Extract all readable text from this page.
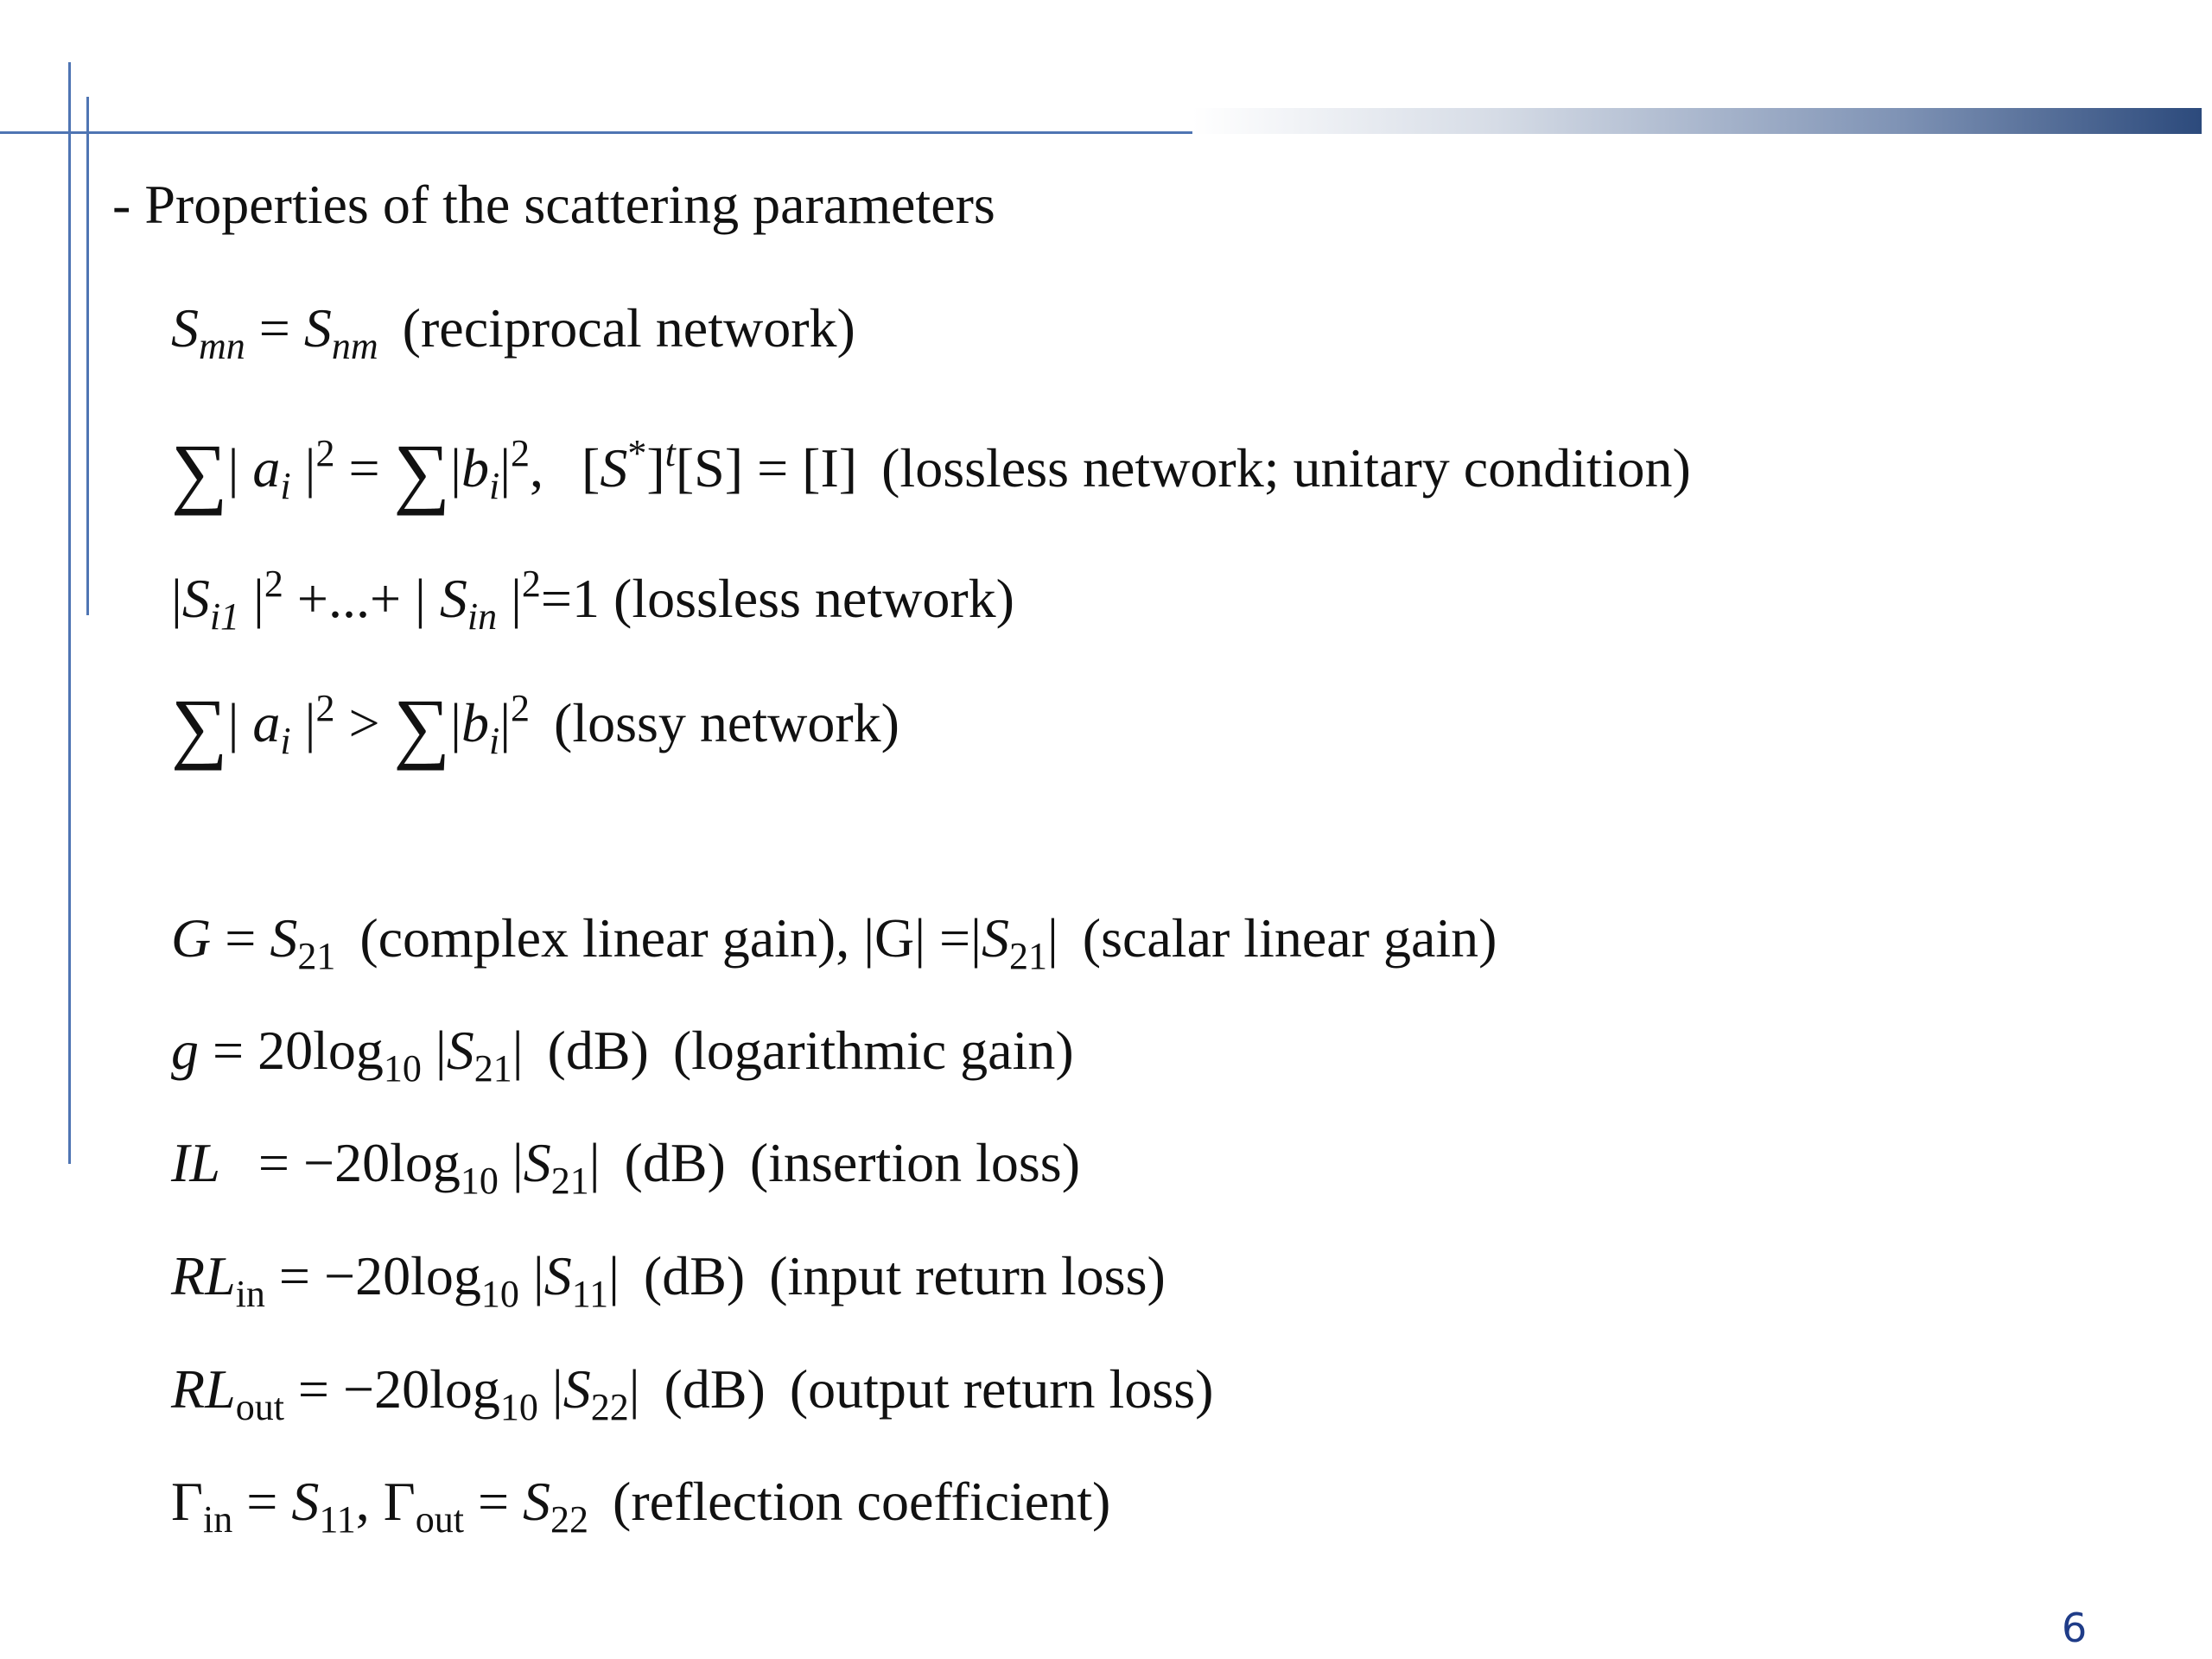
- Properties of the scattering parameters
$S_{mn} = S_{nm}$ (reciprocal network)
∑| $a_i$ $|^2 = \sum|b_i|^2$, $[S^*]^t[S] = [I]$ (lossless network; unitary condition)
$|S_{i1}$ $|^2$ +...+ | $S_{in}$ $|^2=1$ (lossless network)
∑| $a_i$ $|^2 > \sum|b_i|^2$ (lossy network)
$G = S_{21}$ (complex linear gain), $|G| =|S_{21}|$ (scalar linear gain)
$g = 20\log_{10}$ $|S_{21}|$ (dB) (logarithmic gain)
IL = $-20\log_{10}$ $|S_{21}|$ (dB) (insertion loss)
$RL_{in} = -20\log_{10}$ $|S_{11}|$ (dB) (input return loss)
$RL_{out} = -20\log_{10}$ $|S_{22}|$ (dB) (output return loss)
$\Gamma_{in} = S_{11}$, $\Gamma_{out} = S_{22}$ (reflection coefficient)
6
